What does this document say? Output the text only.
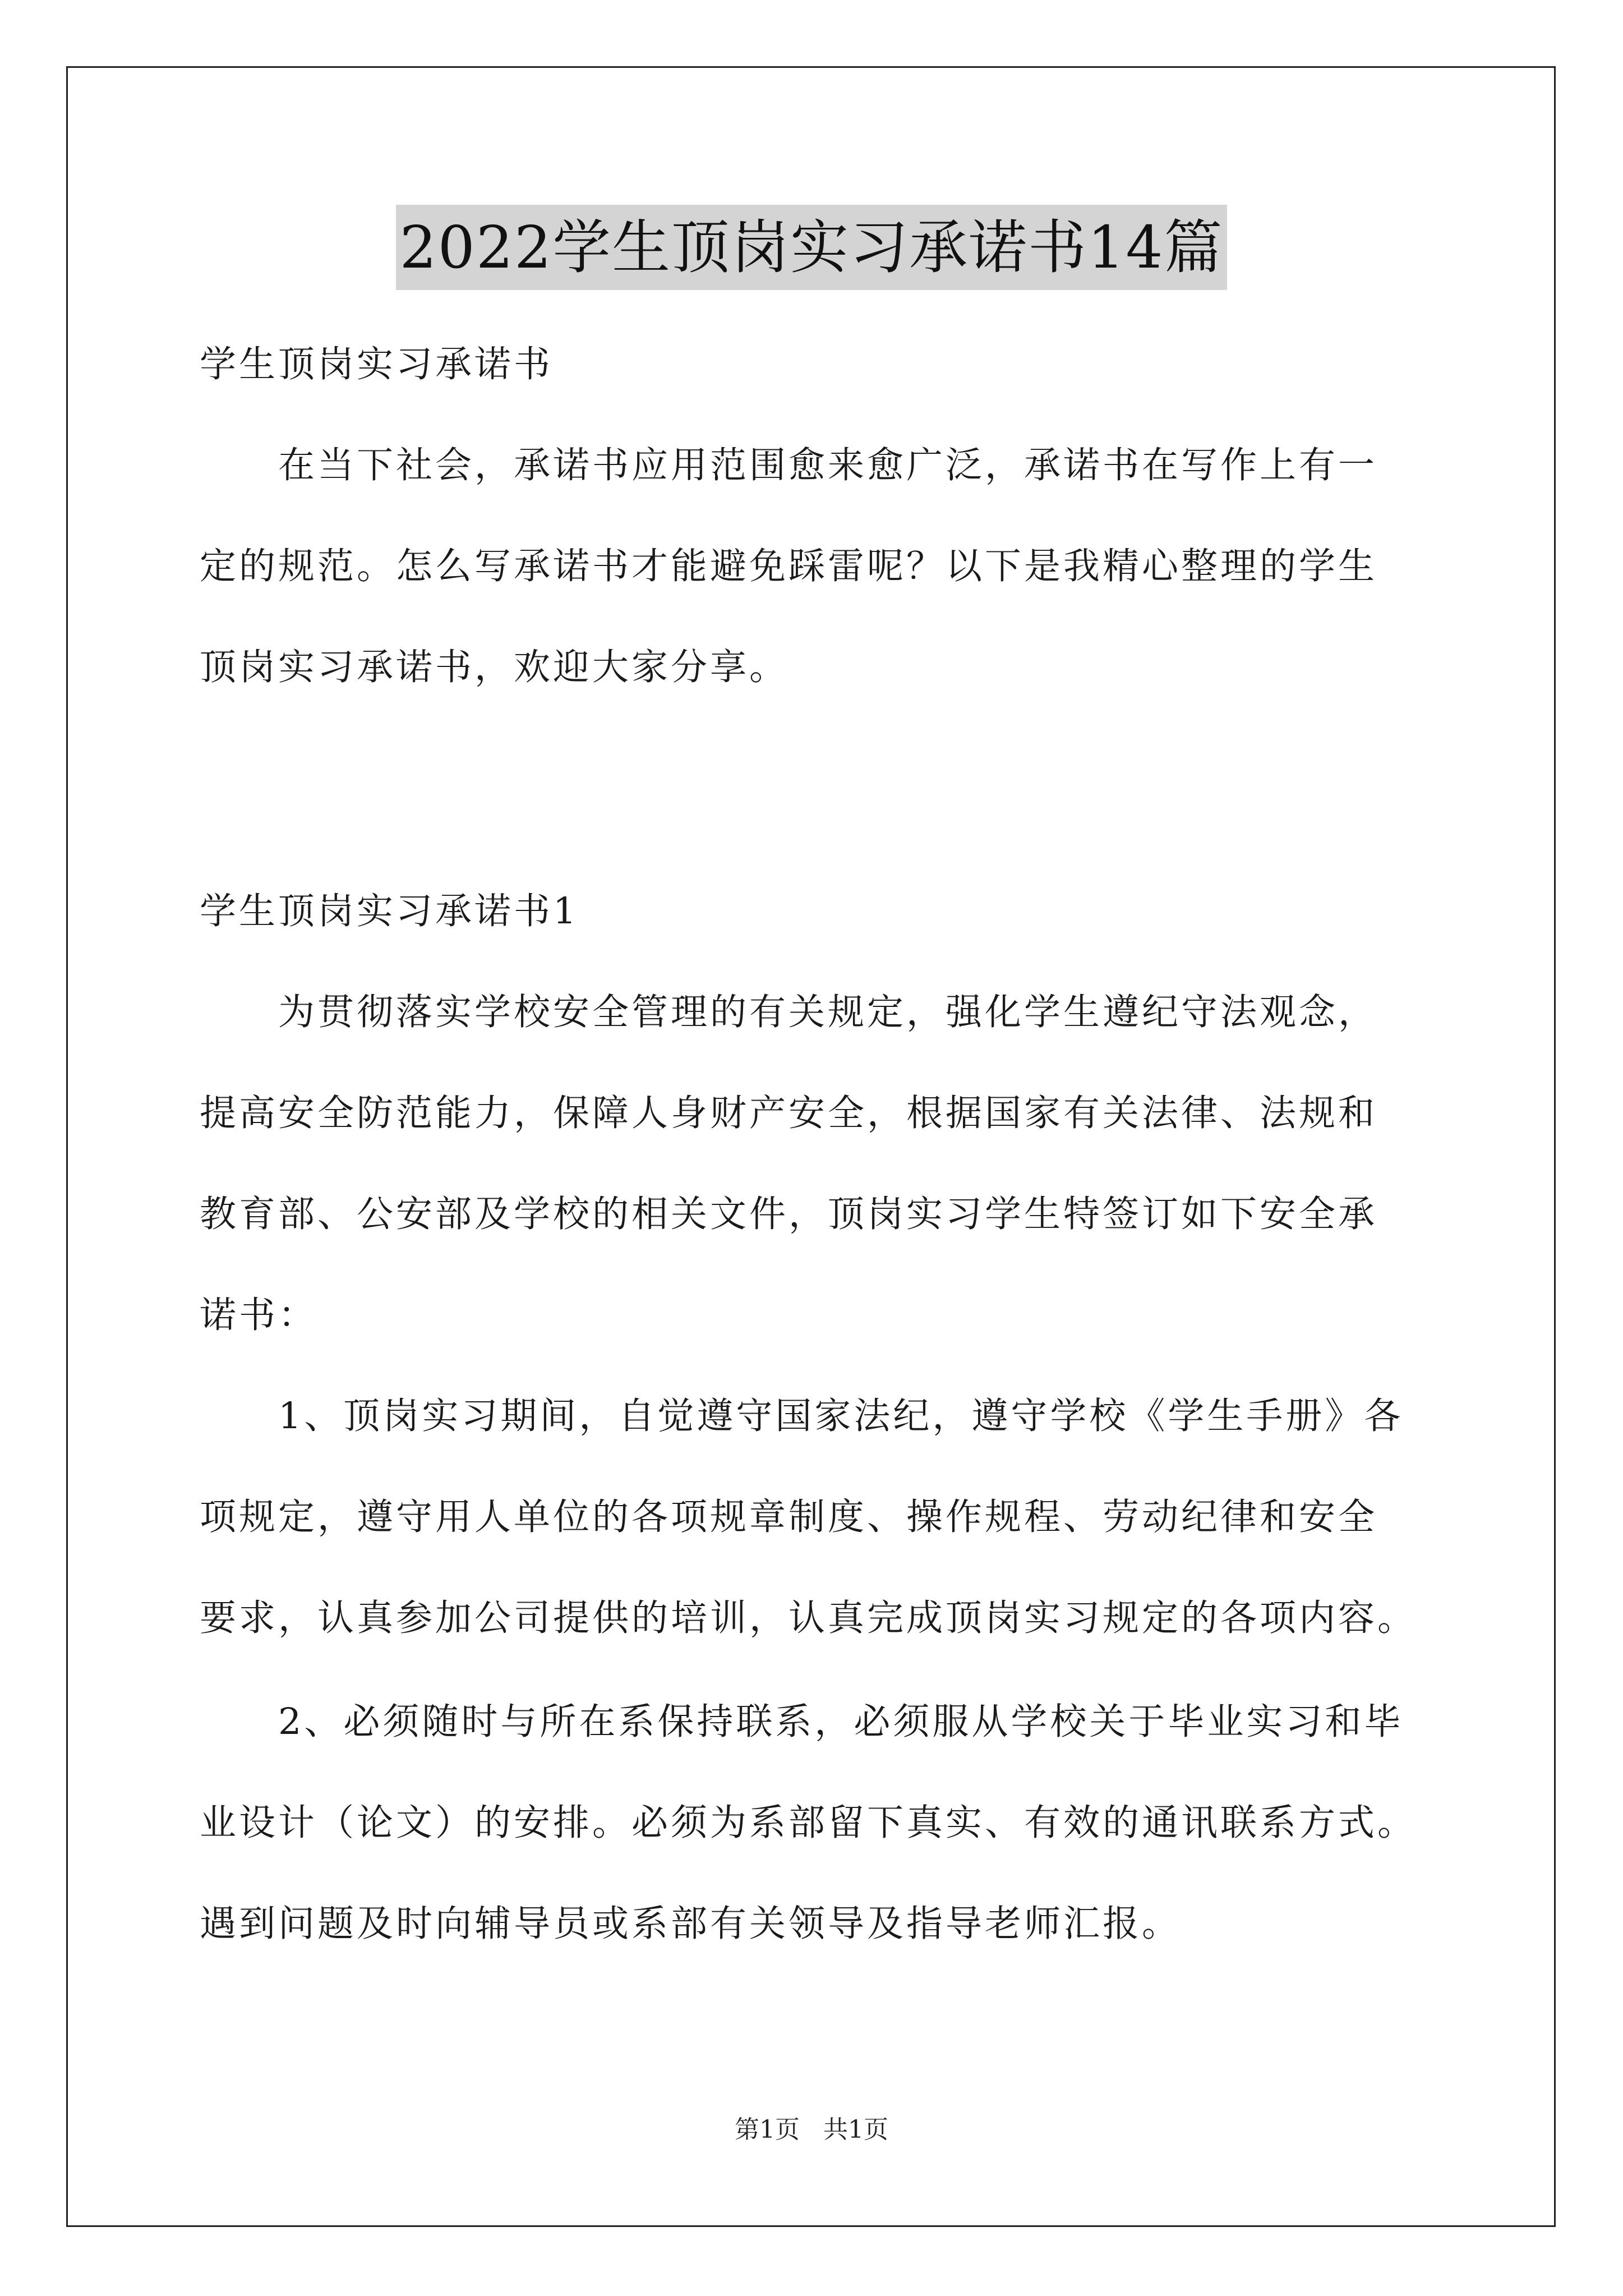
2022学生顶岗实习承诺书14篇
学生顶岗实习承诺书
在当下社会，承诺书应用范围愈来愈广泛，承诺书在写作上有一
定的规范。怎么写承诺书才能避免踩雷呢？以下是我精心整理的学生
顶岗实习承诺书，欢迎大家分享。
学生顶岗实习承诺书1
为贯彻落实学校安全管理的有关规定，强化学生遵纪守法观念，
提高安全防范能力，保障人身财产安全，根据国家有关法律、法规和
教育部、公安部及学校的相关文件，顶岗实习学生特签订如下安全承
诺书：
1、顶岗实习期间，自觉遵守国家法纪，遵守学校《学生手册》各
项规定，遵守用人单位的各项规章制度、操作规程、劳动纪律和安全
要求，认真参加公司提供的培训，认真完成顶岗实习规定的各项内容。
2、必须随时与所在系保持联系，必须服从学校关于毕业实习和毕
业设计（论文）的安排。必须为系部留下真实、有效的通讯联系方式。
遇到问题及时向辅导员或系部有关领导及指导老师汇报。
第1页 共1页
